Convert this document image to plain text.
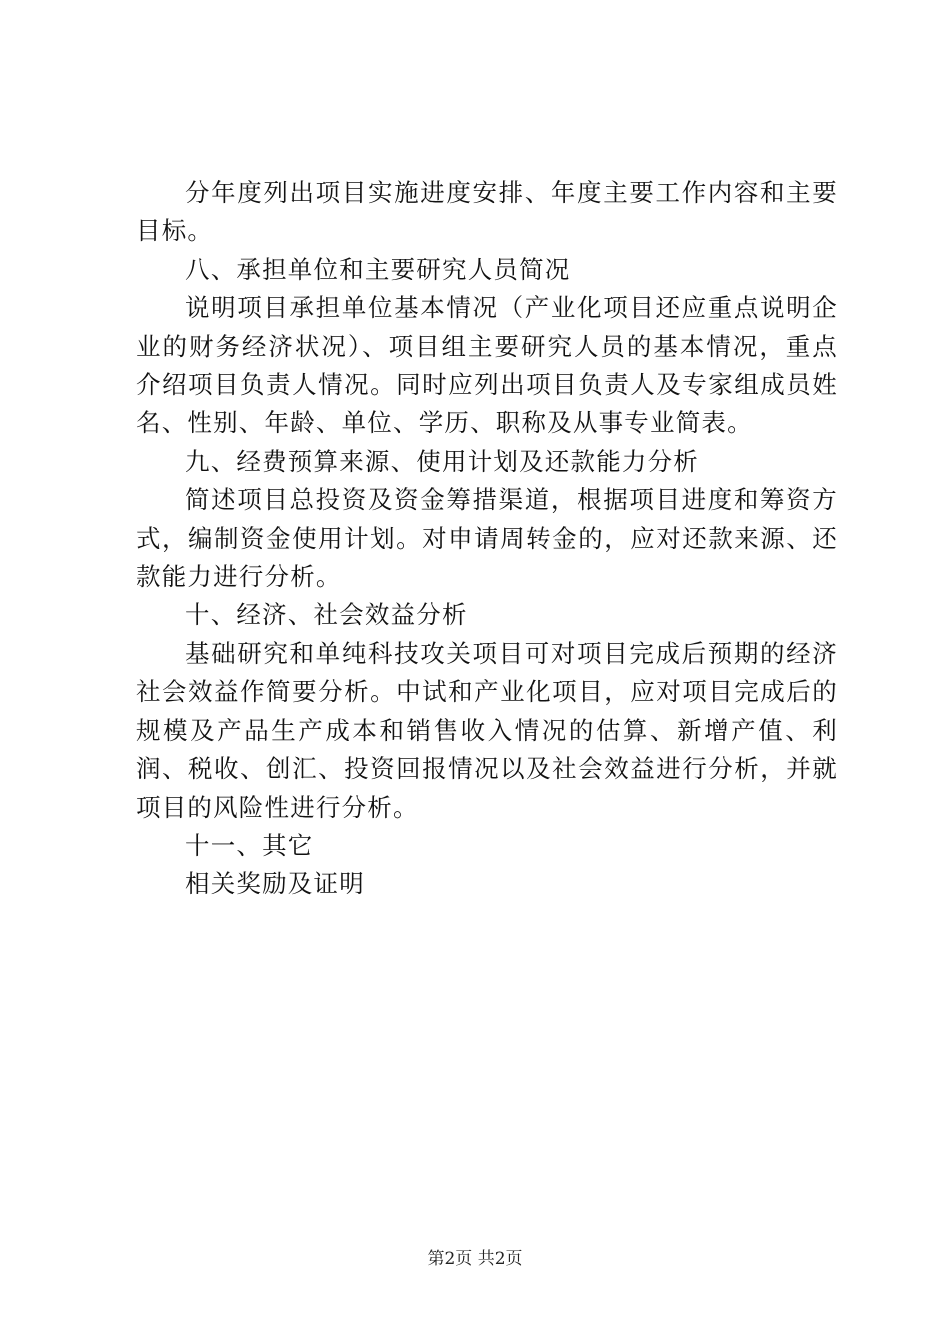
分年度列出项目实施进度安排、年度主要工作内容和主要目标。

八、承担单位和主要研究人员简况

说明项目承担单位基本情况（产业化项目还应重点说明企业的财务经济状况）、项目组主要研究人员的基本情况，重点介绍项目负责人情况。同时应列出项目负责人及专家组成员姓名、性别、年龄、单位、学历、职称及从事专业简表。

九、经费预算来源、使用计划及还款能力分析

简述项目总投资及资金筹措渠道，根据项目进度和筹资方式，编制资金使用计划。对申请周转金的，应对还款来源、还款能力进行分析。

十、经济、社会效益分析

基础研究和单纯科技攻关项目可对项目完成后预期的经济社会效益作简要分析。中试和产业化项目，应对项目完成后的规模及产品生产成本和销售收入情况的估算、新增产值、利润、税收、创汇、投资回报情况以及社会效益进行分析，并就项目的风险性进行分析。

十一、其它

相关奖励及证明

第2页 共2页
